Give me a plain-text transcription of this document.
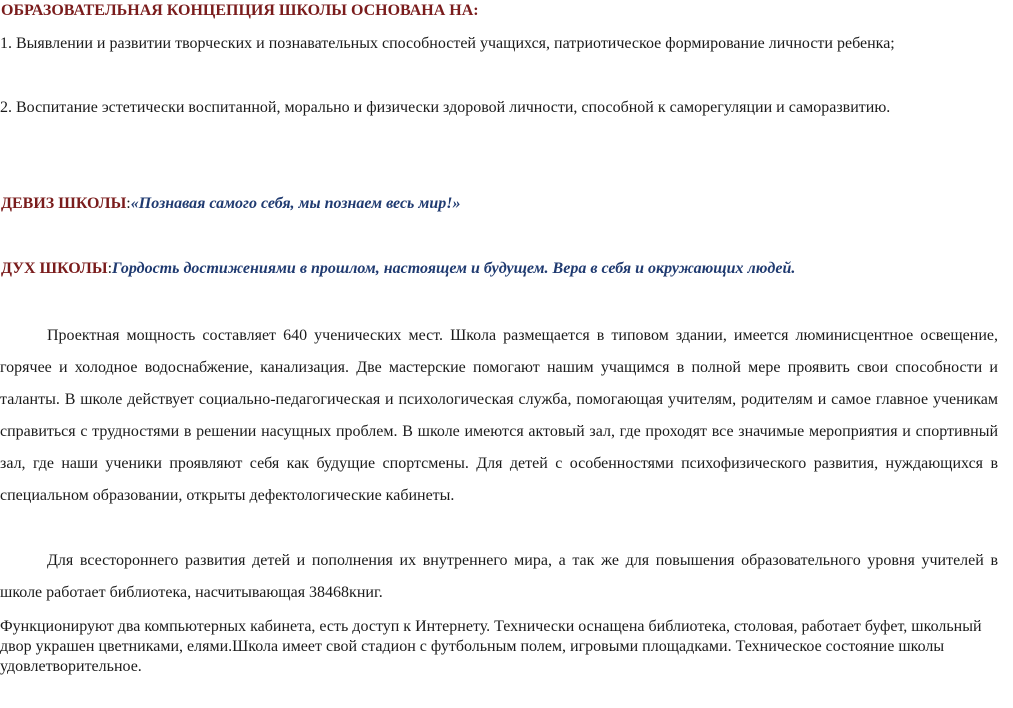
ОБРАЗОВАТЕЛЬНАЯ КОНЦЕПЦИЯ ШКОЛЫ ОСНОВАНА НА:
1. Выявлении и развитии творческих и познавательных способностей учащихся, патриотическое формирование личности ребенка;
2. Воспитание эстетически воспитанной, морально и физически здоровой личности, способной к саморегуляции и саморазвитию.
ДЕВИЗ ШКОЛЫ:«Познавая самого себя, мы познаем весь мир!»
ДУХ ШКОЛЫ:Гордость достижениями в прошлом, настоящем и будущем. Вера в себя и окружающих людей.
Проектная мощность составляет 640 ученических мест. Школа размещается в типовом здании, имеется люминисцентное освещение, горячее и холодное водоснабжение, канализация. Две мастерские помогают нашим учащимся в полной мере проявить свои способности и таланты. В школе действует социально-педагогическая и психологическая служба, помогающая учителям, родителям и самое главное ученикам справиться с трудностями в решении насущных проблем. В школе имеются актовый зал, где проходят все значимые мероприятия и спортивный зал, где наши ученики проявляют себя как будущие спортсмены. Для детей с особенностями психофизического развития, нуждающихся в специальном образовании, открыты дефектологические кабинеты.
Для всестороннего развития детей и пополнения их внутреннего мира, а так же для повышения образовательного уровня учителей в школе работает библиотека, насчитывающая 38468книг.
Функционируют два компьютерных кабинета, есть доступ к Интернету. Технически оснащена библиотека, столовая, работает буфет, школьный двор украшен цветниками, елями.Школа имеет свой стадион с футбольным полем, игровыми площадками. Техническое состояние школы удовлетворительное.
